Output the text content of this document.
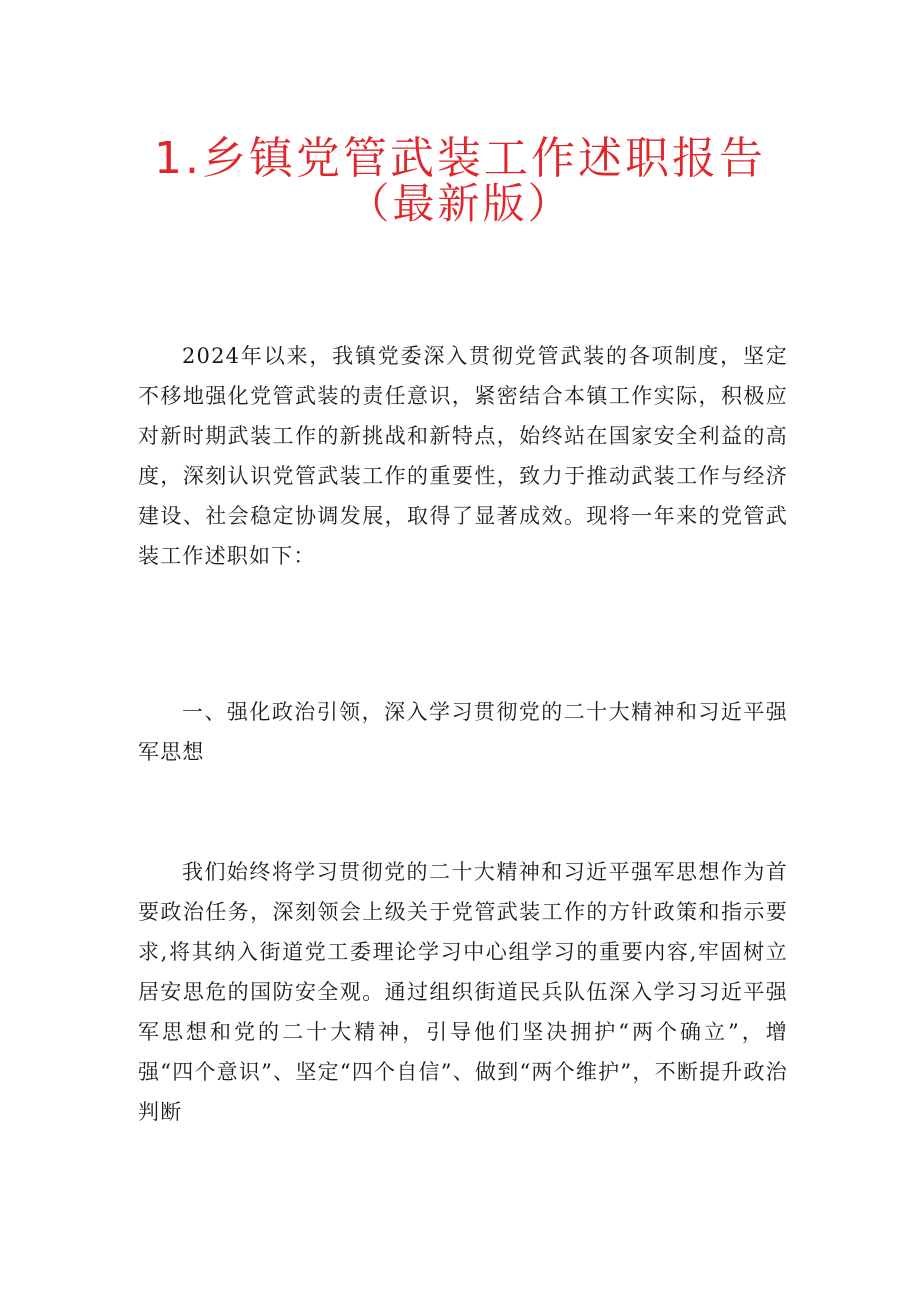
1.乡镇党管武装工作述职报告
（最新版）

2024年以来，我镇党委深入贯彻党管武装的各项制度，坚定不移地强化党管武装的责任意识，紧密结合本镇工作实际，积极应对新时期武装工作的新挑战和新特点，始终站在国家安全利益的高度，深刻认识党管武装工作的重要性，致力于推动武装工作与经济建设、社会稳定协调发展，取得了显著成效。现将一年来的党管武装工作述职如下：

一、强化政治引领，深入学习贯彻党的二十大精神和习近平强军思想

我们始终将学习贯彻党的二十大精神和习近平强军思想作为首要政治任务，深刻领会上级关于党管武装工作的方针政策和指示要求,将其纳入街道党工委理论学习中心组学习的重要内容,牢固树立居安思危的国防安全观。通过组织街道民兵队伍深入学习习近平强军思想和党的二十大精神，引导他们坚决拥护“两个确立”，增强“四个意识”、坚定“四个自信”、做到“两个维护”，不断提升政治判断
